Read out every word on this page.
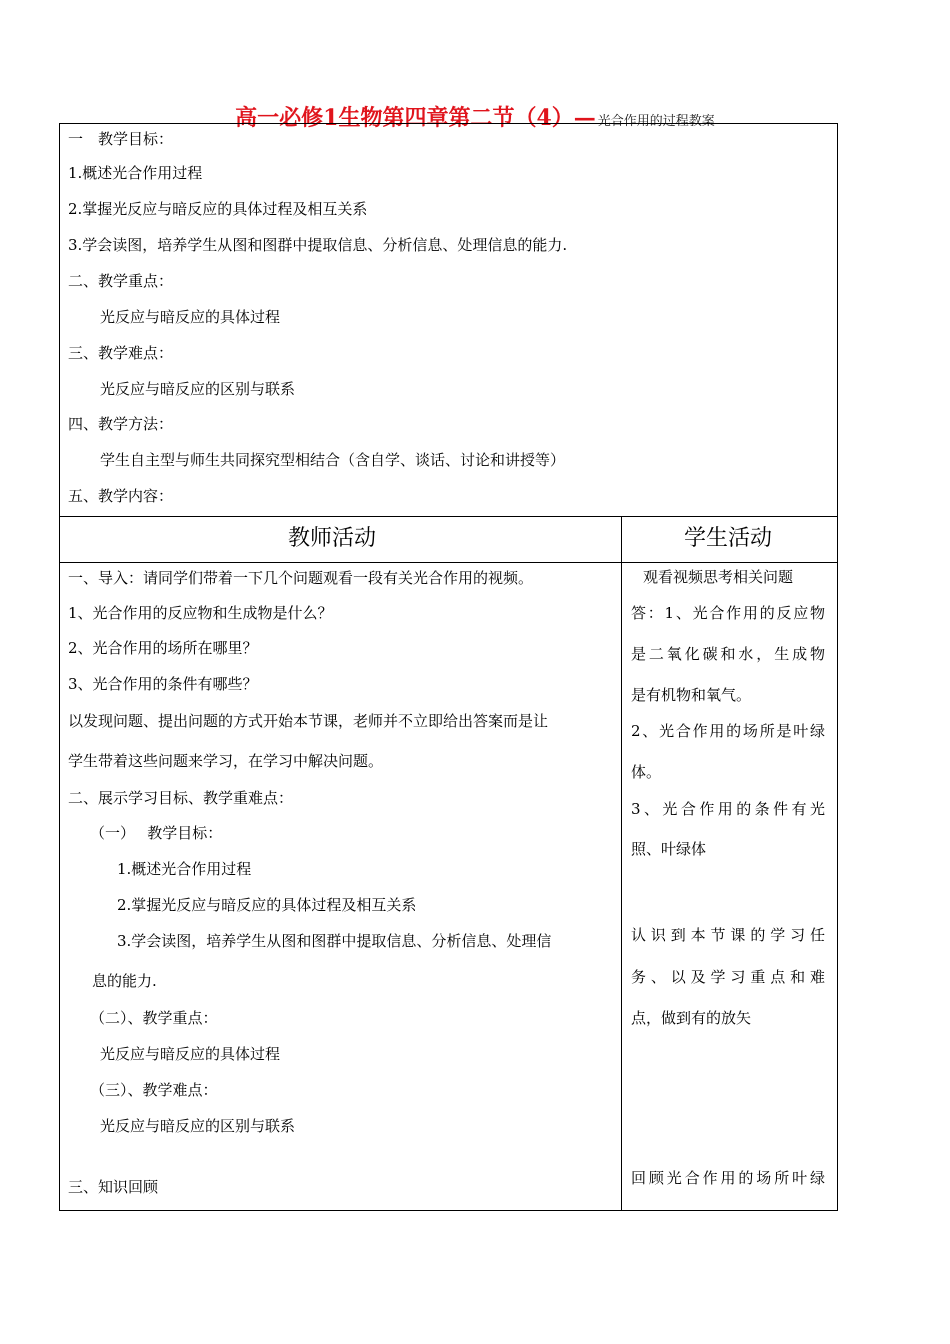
高一必修1生物第四章第二节（4）— 光合作用的过程教案
一　教学目标：
1.概述光合作用过程
2.掌握光反应与暗反应的具体过程及相互关系
3.学会读图，培养学生从图和图群中提取信息、分析信息、处理信息的能力.
二、教学重点：
光反应与暗反应的具体过程
三、教学难点：
光反应与暗反应的区别与联系
四、教学方法：
学生自主型与师生共同探究型相结合（含自学、谈话、讨论和讲授等）
五、教学内容：
教师活动	学生活动
一、导入：请同学们带着一下几个问题观看一段有关光合作用的视频。
1、光合作用的反应物和生成物是什么？
2、光合作用的场所在哪里？
3、光合作用的条件有哪些？
以发现问题、提出问题的方式开始本节课，老师并不立即给出答案而是让
学生带着这些问题来学习，在学习中解决问题。
二、展示学习目标、教学重难点：
（一）　 教学目标：
1.概述光合作用过程
2.掌握光反应与暗反应的具体过程及相互关系
3.学会读图，培养学生从图和图群中提取信息、分析信息、处理信
息的能力.
（二）、教学重点：
光反应与暗反应的具体过程
（三）、教学难点：
光反应与暗反应的区别与联系
三、知识回顾
观看视频思考相关问题
答：1、光合作用的反应物
是二氧化碳和水，生成物
是有机物和氧气。
2、光合作用的场所是叶绿
体。
3、光合作用的条件有光
照、叶绿体
认识到本节课的学习任
务、以及学习重点和难
点，做到有的放矢
回顾光合作用的场所叶绿
